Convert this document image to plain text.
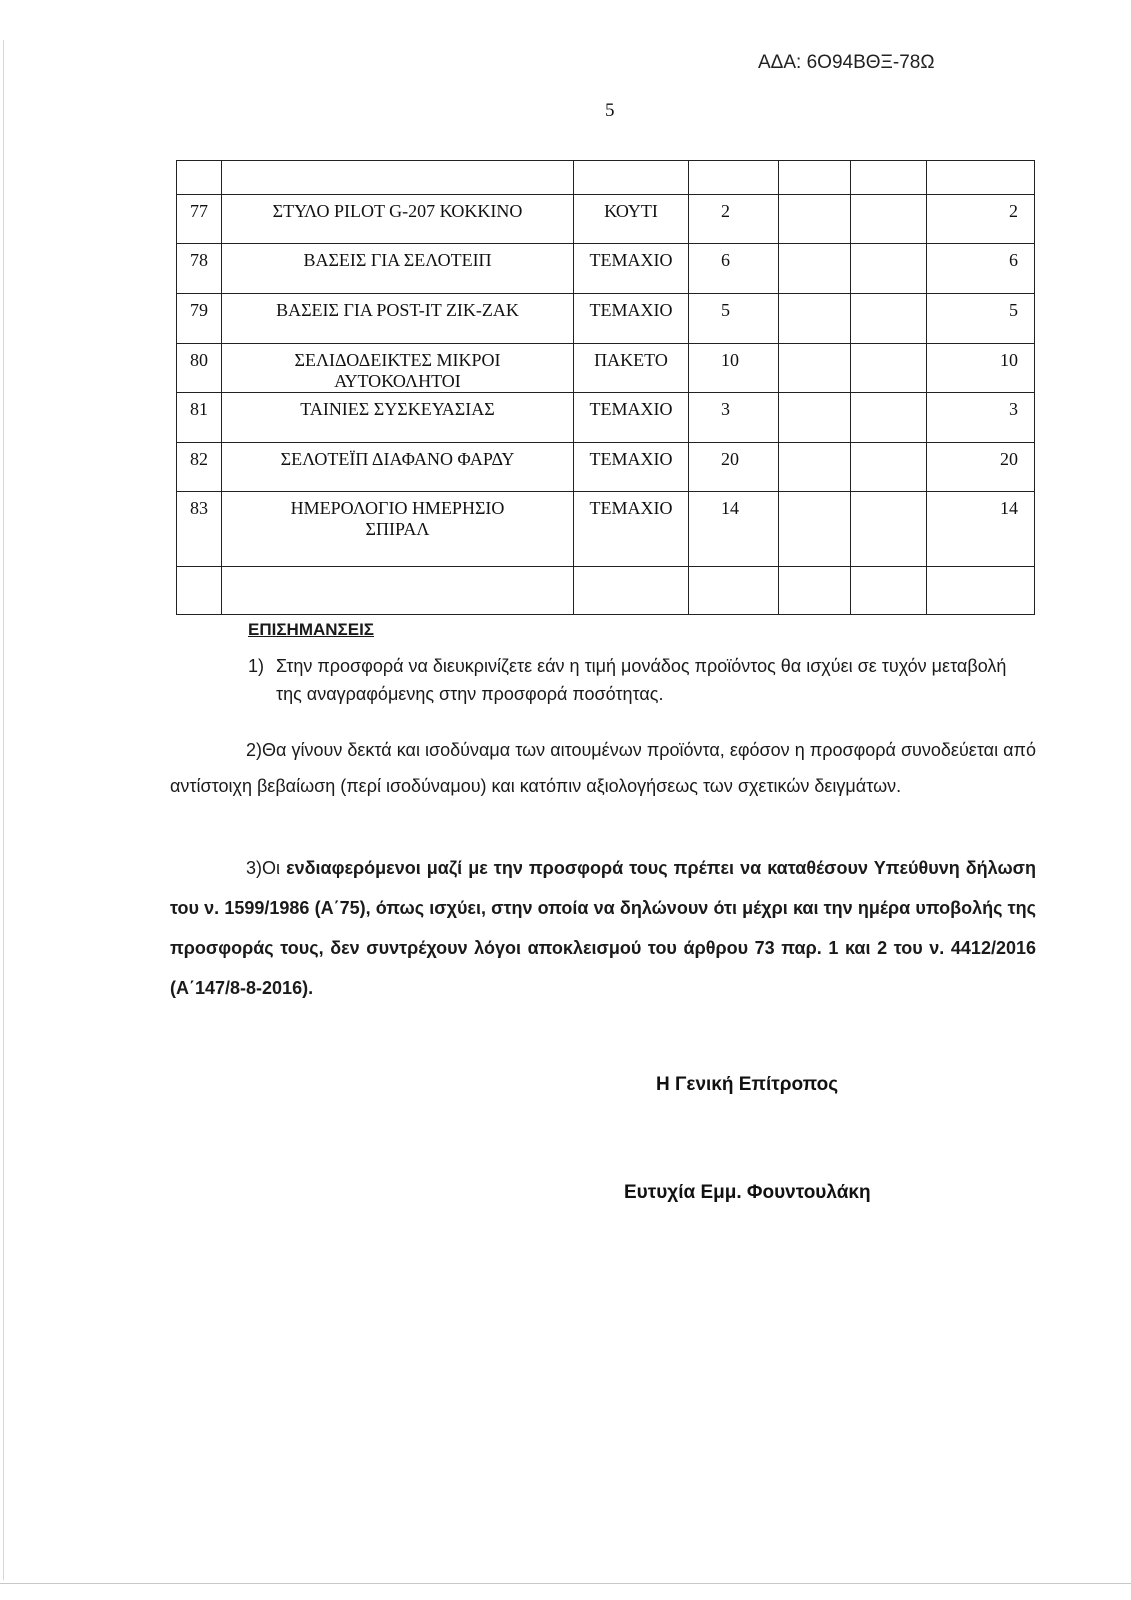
ΑΔΑ: 6Ο94ΒΘΞ-78Ω
5

77	ΣΤΥΛΟ PILOT G-207 ΚΟΚΚΙΝΟ	ΚΟΥΤΙ	2			2
78	ΒΑΣΕΙΣ ΓΙΑ ΣΕΛΟΤΕΙΠ	ΤΕΜΑΧΙΟ	6			6
79	ΒΑΣΕΙΣ ΓΙΑ POST-IT ZIK-ZAK	ΤΕΜΑΧΙΟ	5			5
80	ΣΕΛΙΔΟΔΕΙΚΤΕΣ ΜΙΚΡΟΙ ΑΥΤΟΚΟΛΗΤΟΙ	ΠΑΚΕΤΟ	10			10
81	ΤΑΙΝΙΕΣ ΣΥΣΚΕΥΑΣΙΑΣ	ΤΕΜΑΧΙΟ	3			3
82	ΣΕΛΟΤΕΪΠ ΔΙΑΦΑΝΟ ΦΑΡΔΥ	ΤΕΜΑΧΙΟ	20			20
83	ΗΜΕΡΟΛΟΓΙΟ ΗΜΕΡΗΣΙΟ ΣΠΙΡΑΛ	ΤΕΜΑΧΙΟ	14			14

ΕΠΙΣΗΜΑΝΣΕΙΣ
1) Στην προσφορά να διευκρινίζετε εάν η τιμή μονάδος προϊόντος θα ισχύει σε τυχόν μεταβολή της αναγραφόμενης στην προσφορά ποσότητας.
2)Θα γίνουν δεκτά και ισοδύναμα των αιτουμένων προϊόντα, εφόσον η προσφορά συνοδεύεται από αντίστοιχη βεβαίωση (περί ισοδύναμου) και κατόπιν αξιολογήσεως των σχετικών δειγμάτων.
3)Οι ενδιαφερόμενοι μαζί με την προσφορά τους πρέπει να καταθέσουν Υπεύθυνη δήλωση του ν. 1599/1986 (Α΄75), όπως ισχύει, στην οποία να δηλώνουν ότι μέχρι και την ημέρα υποβολής της προσφοράς τους, δεν συντρέχουν λόγοι αποκλεισμού του άρθρου 73 παρ. 1 και 2 του ν. 4412/2016 (Α΄147/8-8-2016).
Η Γενική Επίτροπος
Ευτυχία Εμμ. Φουντουλάκη
